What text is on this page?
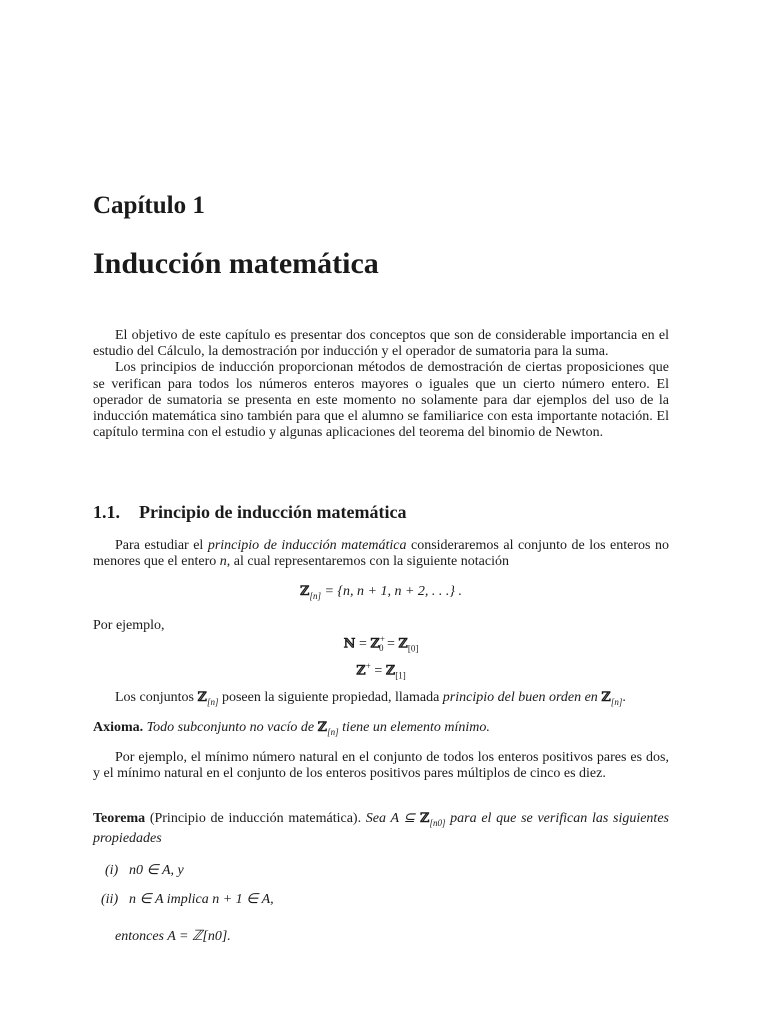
Capítulo 1
Inducción matemática

El objetivo de este capítulo es presentar dos conceptos que son de considerable importancia en el estudio del Cálculo, la demostración por inducción y el operador de sumatoria para la suma.

Los principios de inducción proporcionan métodos de demostración de ciertas proposiciones que se verifican para todos los números enteros mayores o iguales que un cierto número entero. El operador de sumatoria se presenta en este momento no solamente para dar ejemplos del uso de la inducción matemática sino también para que el alumno se familiarice con esta importante notación. El capítulo termina con el estudio y algunas aplicaciones del teorema del binomio de Newton.

1.1. Principio de inducción matemática

Para estudiar el principio de inducción matemática consideraremos al conjunto de los enteros no menores que el entero n, al cual representaremos con la siguiente notación

ℤ$_{[n]}$ = {n, n + 1, n + 2, . . .} .
Por ejemplo,
ℕ = ℤ+$_0$ = ℤ$_{[0]}$
ℤ+ = ℤ$_{[1]}$

Los conjuntos ℤ$_{[n]}$ poseen la siguiente propiedad, llamada principio del buen orden en ℤ$_{[n]}$.

Axioma. Todo subconjunto no vacío de ℤ$_{[n]}$ tiene un elemento mínimo.

Por ejemplo, el mínimo número natural en el conjunto de todos los enteros positivos pares es dos, y el mínimo natural en el conjunto de los enteros positivos pares múltiplos de cinco es diez.

Teorema (Principio de inducción matemática). Sea A ⊆ ℤ$_{[n0]}$ para el que se verifican las siguientes propiedades

(i) n0 ∈ A, y
(ii) n ∈ A implica n + 1 ∈ A,
entonces A = ℤ[n0].
